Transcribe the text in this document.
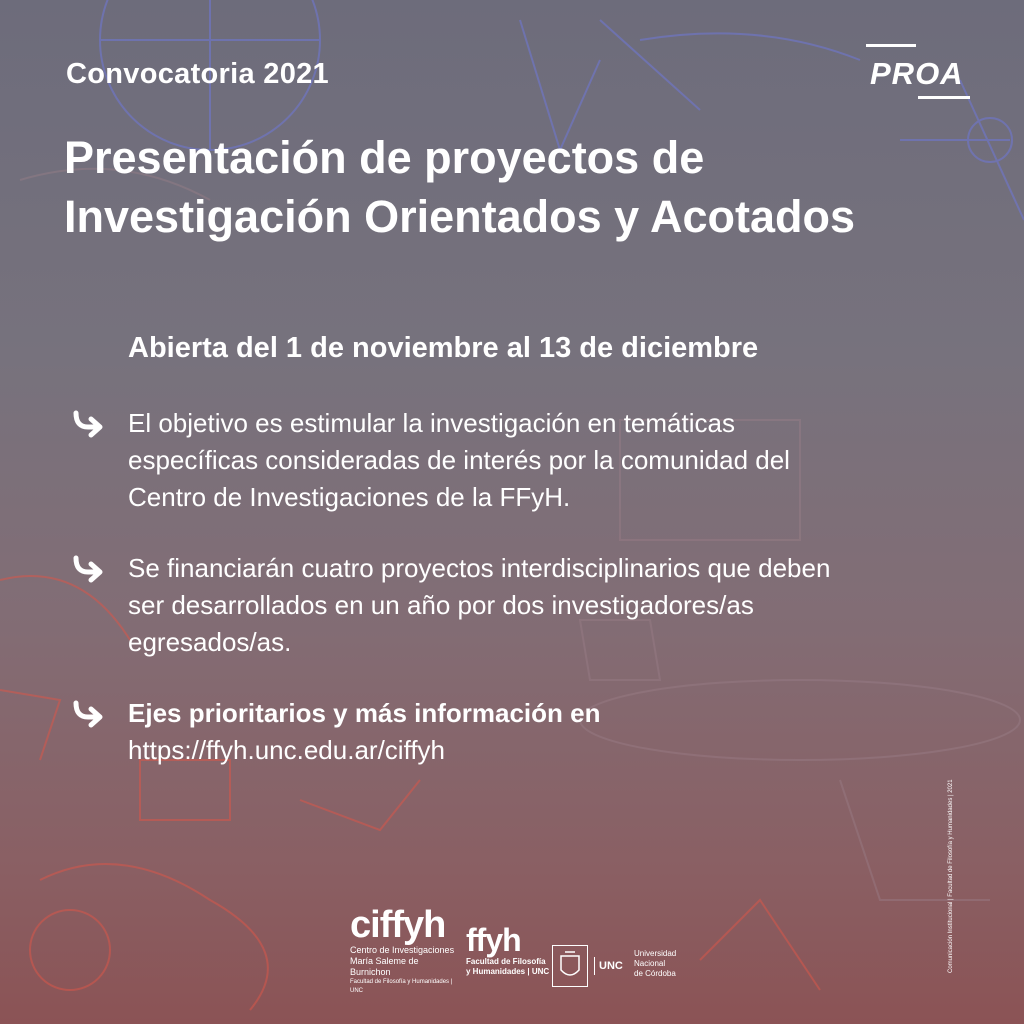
Convocatoria 2021	PROA
Presentación de proyectos de
Investigación Orientados y Acotados
Abierta del 1 de noviembre al 13 de diciembre
El objetivo es estimular la investigación en temáticas
específicas consideradas de interés por la comunidad del
Centro de Investigaciones de la FFyH.
Se financiarán cuatro proyectos interdisciplinarios que deben
ser desarrollados en un año por dos investigadores/as
egresados/as.
Ejes prioritarios y más información en
https://ffyh.unc.edu.ar/ciffyh
ciffyh
Centro de Investigaciones
María Saleme de Burnichon
Facultad de Filosofía y Humanidades | UNC
ffyh
Facultad de Filosofía
y Humanidades | UNC	UNC
Universidad
Nacional
de Córdoba
Comunicación Institucional | Facultad de Filosofía y Humanidades | 2021
